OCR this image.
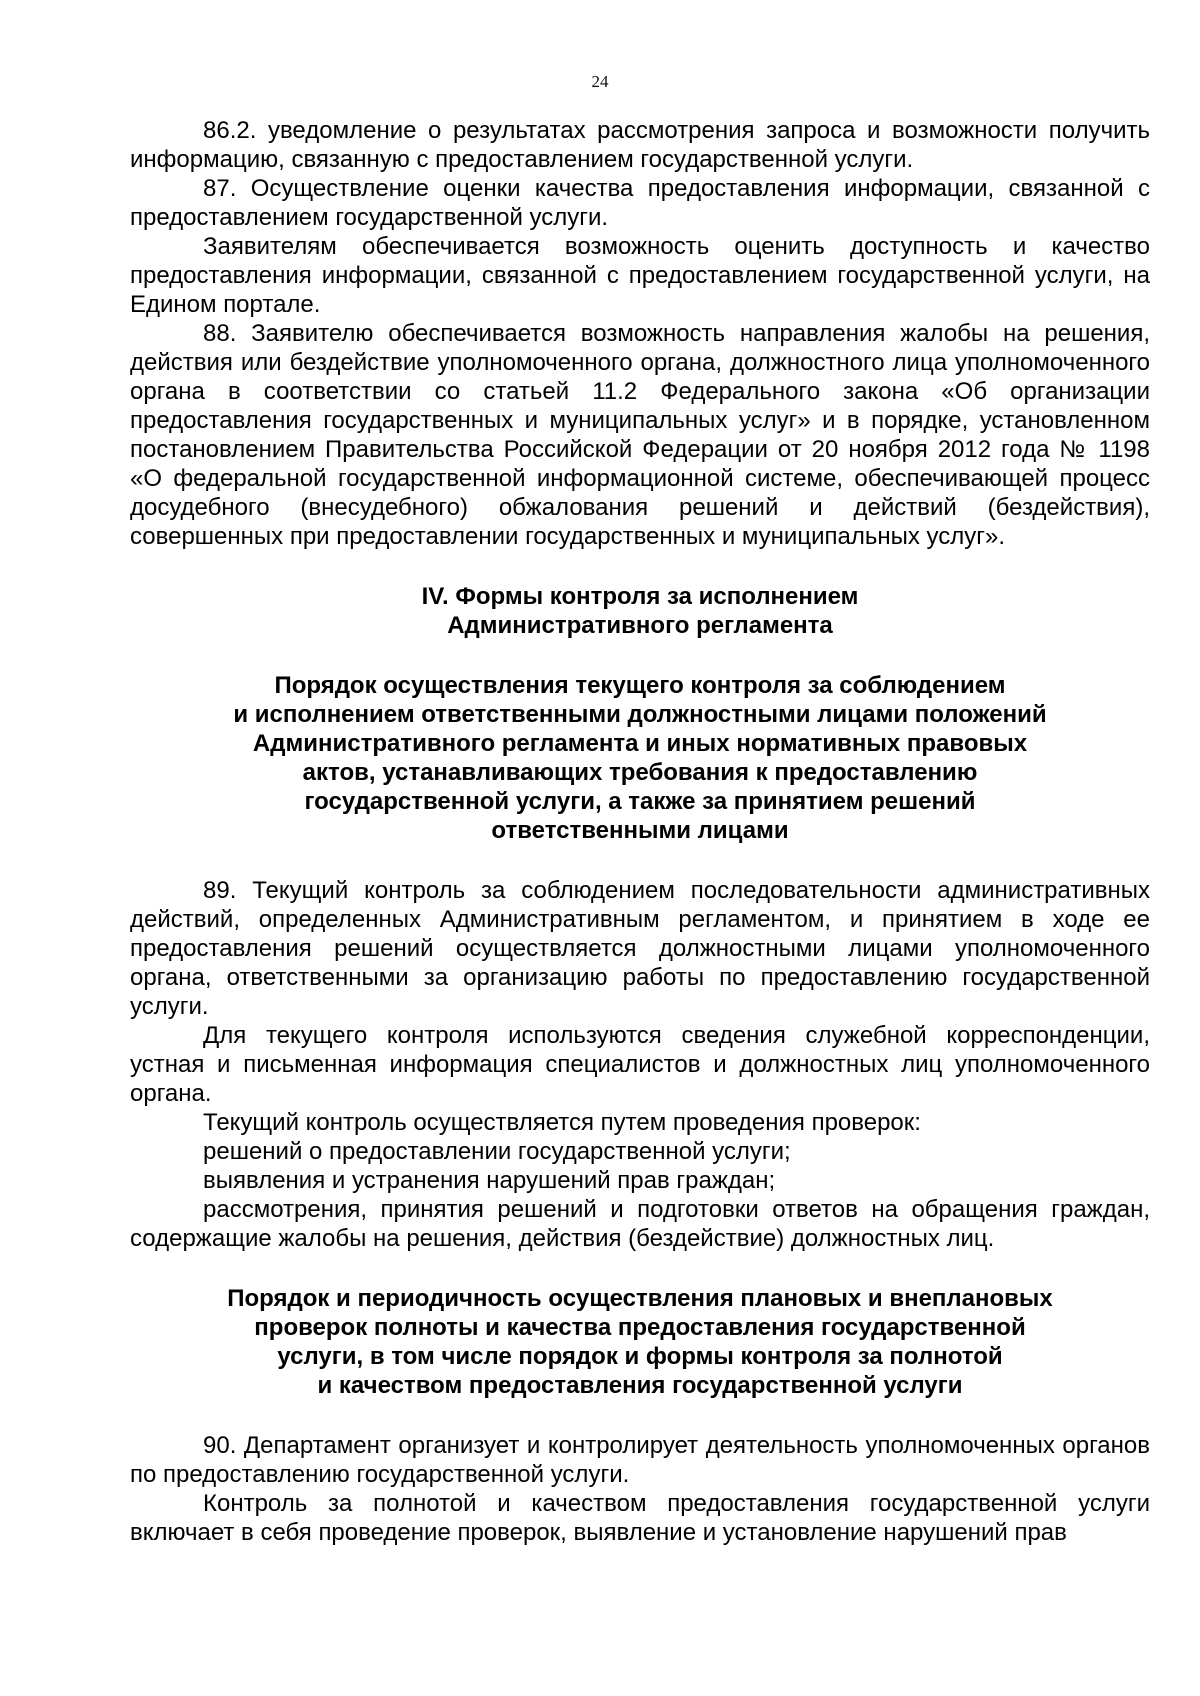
24

86.2. уведомление о результатах рассмотрения запроса и возможности получить информацию, связанную с предоставлением государственной услуги.

87. Осуществление оценки качества предоставления информации, связанной с предоставлением государственной услуги.

Заявителям обеспечивается возможность оценить доступность и качество предоставления информации, связанной с предоставлением государственной услуги, на Едином портале.

88. Заявителю обеспечивается возможность направления жалобы на решения, действия или бездействие уполномоченного органа, должностного лица уполномоченного органа в соответствии со статьей 11.2 Федерального закона «Об организации предоставления государственных и муниципальных услуг» и в порядке, установленном постановлением Правительства Российской Федерации от 20 ноября 2012 года № 1198 «О федеральной государственной информационной системе, обеспечивающей процесс досудебного (внесудебного) обжалования решений и действий (бездействия), совершенных при предоставлении государственных и муниципальных услуг».

IV. Формы контроля за исполнением

Административного регламента

Порядок осуществления текущего контроля за соблюдением

и исполнением ответственными должностными лицами положений

Административного регламента и иных нормативных правовых

актов, устанавливающих требования к предоставлению

государственной услуги, а также за принятием решений

ответственными лицами

89. Текущий контроль за соблюдением последовательности административных действий, определенных Административным регламентом, и принятием в ходе ее предоставления решений осуществляется должностными лицами уполномоченного органа, ответственными за организацию работы по предоставлению государственной услуги.

Для текущего контроля используются сведения служебной корреспонденции, устная и письменная информация специалистов и должностных лиц уполномоченного органа.

Текущий контроль осуществляется путем проведения проверок:

решений о предоставлении государственной услуги;

выявления и устранения нарушений прав граждан;

рассмотрения, принятия решений и подготовки ответов на обращения граждан, содержащие жалобы на решения, действия (бездействие) должностных лиц.

Порядок и периодичность осуществления плановых и внеплановых

проверок полноты и качества предоставления государственной

услуги, в том числе порядок и формы контроля за полнотой

и качеством предоставления государственной услуги

90. Департамент организует и контролирует деятельность уполномоченных органов по предоставлению государственной услуги.

Контроль за полнотой и качеством предоставления государственной услуги включает в себя проведение проверок, выявление и установление нарушений прав
